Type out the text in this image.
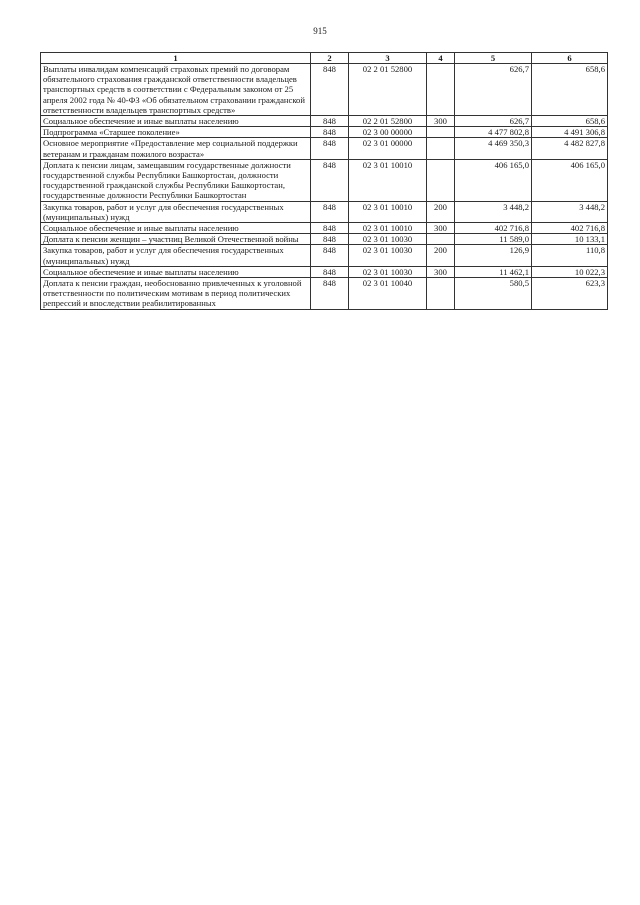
915
1	2	3	4	5	6
Выплаты инвалидам компенсаций страховых премий по договорам обязательного страхования гражданской ответственности владельцев транспортных средств в соответствии с Федеральным законом от 25 апреля 2002 года № 40-ФЗ «Об обязательном страховании гражданской ответственности владельцев транспортных средств»	848	02 2 01 52800		626,7	658,6
Социальное обеспечение и иные выплаты населению	848	02 2 01 52800	300	626,7	658,6
Подпрограмма «Старшее поколение»	848	02 3 00 00000		4 477 802,8	4 491 306,8
Основное мероприятие «Предоставление мер социальной поддержки ветеранам и гражданам пожилого возраста»	848	02 3 01 00000		4 469 350,3	4 482 827,8
Доплата к пенсии лицам, замещавшим государственные должности государственной службы Республики Башкортостан, должности государственной гражданской службы Республики Башкортостан, государственные должности Республики Башкортостан	848	02 3 01 10010		406 165,0	406 165,0
Закупка товаров, работ и услуг для обеспечения государственных (муниципальных) нужд	848	02 3 01 10010	200	3 448,2	3 448,2
Социальное обеспечение и иные выплаты населению	848	02 3 01 10010	300	402 716,8	402 716,8
Доплата к пенсии женщин – участниц Великой Отечественной войны	848	02 3 01 10030		11 589,0	10 133,1
Закупка товаров, работ и услуг для обеспечения государственных (муниципальных) нужд	848	02 3 01 10030	200	126,9	110,8
Социальное обеспечение и иные выплаты населению	848	02 3 01 10030	300	11 462,1	10 022,3
Доплата к пенсии граждан, необоснованно привлеченных к уголовной ответственности по политическим мотивам в период политических репрессий и впоследствии реабилитированных	848	02 3 01 10040		580,5	623,3
